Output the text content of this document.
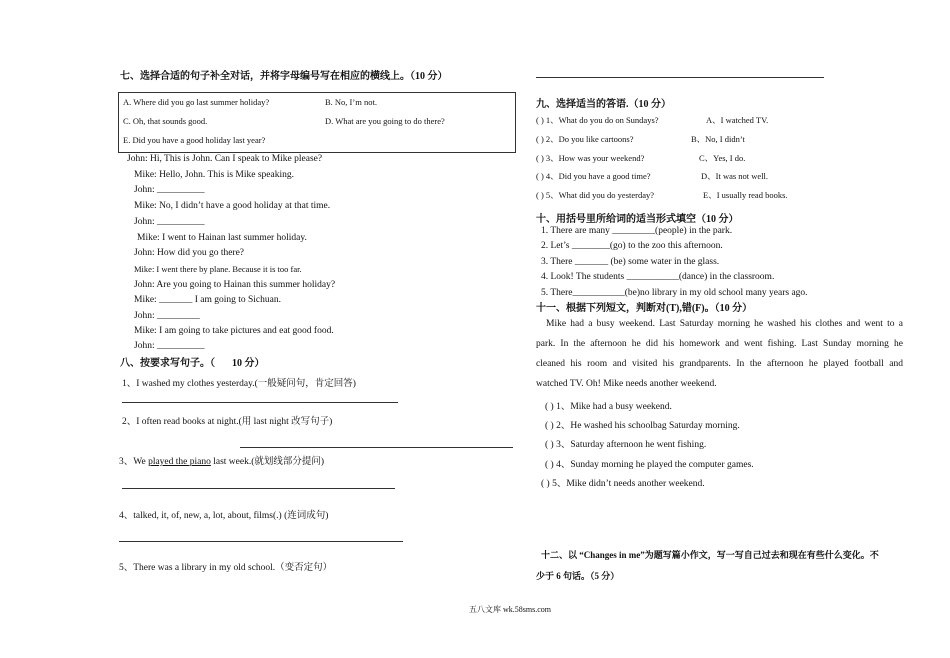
七、选择合适的句子补全对话，并将字母编号写在相应的横线上。（10 分）
A. Where did you go last summer holiday?	B. No, I’m not.
C. Oh, that sounds good.	D. What are you going to do there?
E. Did you have a good holiday last year?
John: Hi, This is John. Can I speak to Mike please?
Mike: Hello, John. This is Mike speaking.
John: __________
Mike: No, I didn’t have a good holiday at that time.
John: __________
Mike: I went to Hainan last summer holiday.
John: How did you go there?
Mike: I went there by plane. Because it is too far.
John: Are you going to Hainan this summer holiday?
Mike: _______ I am going to Sichuan.
John: _________
Mike: I am going to take pictures and eat good food.
John: __________
八、按要求写句子。（ 10 分）
1、I washed my clothes yesterday.(一般疑问句，肯定回答)
2、I often read books at night.(用 last night 改写句子)
3、We played the piano last week.(就划线部分提问)
4、talked, it, of, new, a, lot, about, films(.) (连词成句)
5、There was a library in my old school.（变否定句）
九、选择适当的答语.（10 分）
( ) 1、What do you do on Sundays?	A、I watched TV.
( ) 2、Do you like cartoons?	B、No, I didn’t
( ) 3、How was your weekend?	C、Yes, I do.
( ) 4、Did you have a good time?	D、It was not well.
( ) 5、What did you do yesterday?	E、I usually read books.
十、用括号里所给词的适当形式填空（10 分）
1. There are many _________(people) in the park.
2. Let’s ________(go) to the zoo this afternoon.
3. There _______ (be) some water in the glass.
4. Look! The students ___________(dance) in the classroom.
5. There___________(be)no library in my old school many years ago.
十一、根据下列短文，判断对(T),错(F)。（10 分）
Mike had a busy weekend. Last Saturday morning he washed his clothes and went to a
park. In the afternoon he did his homework and went fishing. Last Sunday morning he
cleaned his room and visited his grandparents. In the afternoon he played football and
watched TV. Oh! Mike needs another weekend.
( ) 1、Mike had a busy weekend.
( ) 2、He washed his schoolbag Saturday morning.
( ) 3、Saturday afternoon he went fishing.
( ) 4、Sunday morning he played the computer games.
( ) 5、Mike didn’t needs another weekend.
十二、以 “Changes in me”为题写篇小作文，写一写自己过去和现在有些什么变化。不
少于 6 句话。（5 分）
五八文库 wk.58sms.com
